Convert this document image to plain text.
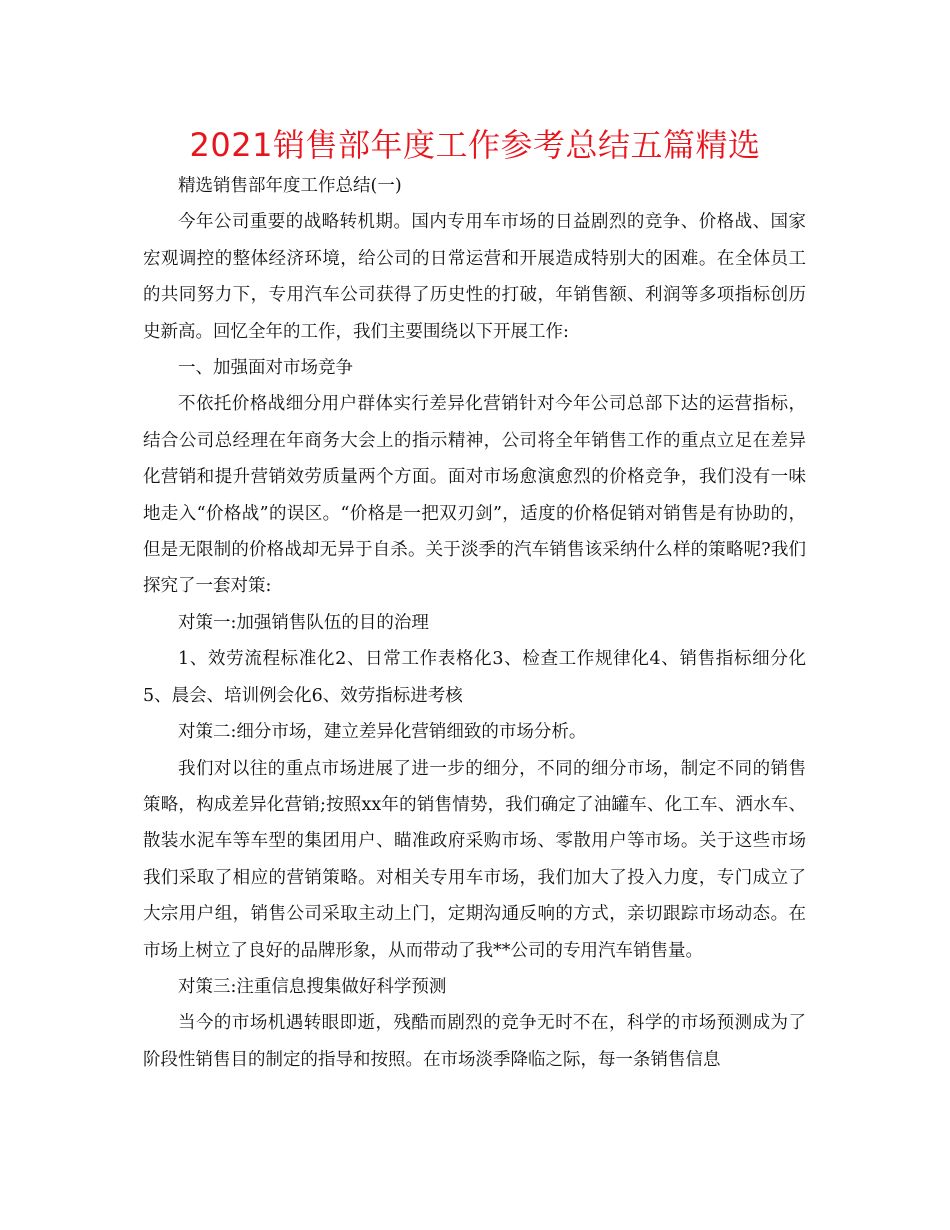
2021销售部年度工作参考总结五篇精选

精选销售部年度工作总结(一)

今年公司重要的战略转机期。国内专用车市场的日益剧烈的竞争、价格战、国家宏观调控的整体经济环境，给公司的日常运营和开展造成特别大的困难。在全体员工的共同努力下，专用汽车公司获得了历史性的打破，年销售额、利润等多项指标创历史新高。回忆全年的工作，我们主要围绕以下开展工作:

一、加强面对市场竞争

不依托价格战细分用户群体实行差异化营销针对今年公司总部下达的运营指标，结合公司总经理在年商务大会上的指示精神，公司将全年销售工作的重点立足在差异化营销和提升营销效劳质量两个方面。面对市场愈演愈烈的价格竞争，我们没有一味地走入“价格战”的误区。“价格是一把双刃剑”，适度的价格促销对销售是有协助的，但是无限制的价格战却无异于自杀。关于淡季的汽车销售该采纳什么样的策略呢?我们探究了一套对策:

对策一:加强销售队伍的目的治理

1、效劳流程标准化2、日常工作表格化3、检查工作规律化4、销售指标细分化5、晨会、培训例会化6、效劳指标进考核

对策二:细分市场，建立差异化营销细致的市场分析。

我们对以往的重点市场进展了进一步的细分，不同的细分市场，制定不同的销售策略，构成差异化营销;按照xx年的销售情势，我们确定了油罐车、化工车、洒水车、散装水泥车等车型的集团用户、瞄准政府采购市场、零散用户等市场。关于这些市场我们采取了相应的营销策略。对相关专用车市场，我们加大了投入力度，专门成立了大宗用户组，销售公司采取主动上门，定期沟通反响的方式，亲切跟踪市场动态。在市场上树立了良好的品牌形象，从而带动了我**公司的专用汽车销售量。

对策三:注重信息搜集做好科学预测

当今的市场机遇转眼即逝，残酷而剧烈的竞争无时不在，科学的市场预测成为了阶段性销售目的制定的指导和按照。在市场淡季降临之际，每一条销售信息
